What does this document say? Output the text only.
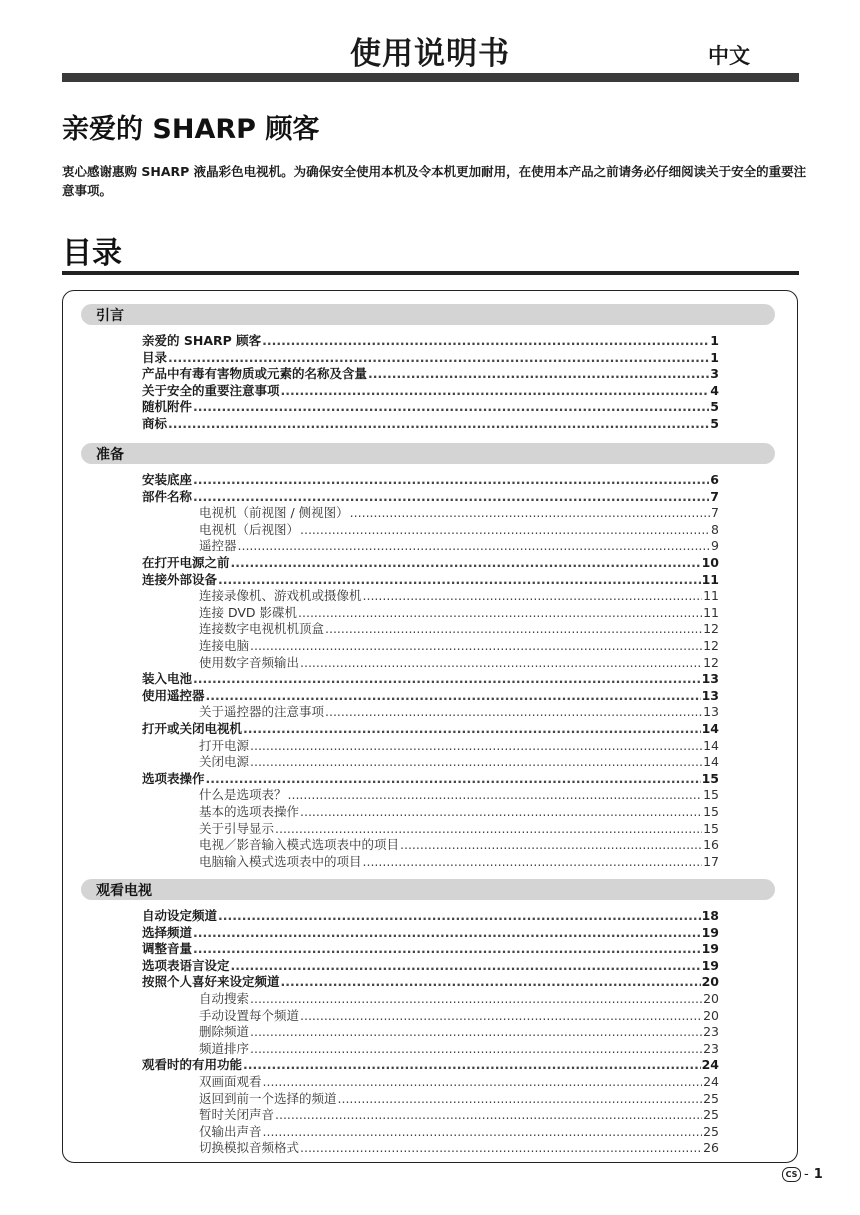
使用说明书	中文
亲爱的 SHARP 顾客

衷心感谢惠购 SHARP 液晶彩色电视机。为确保安全使用本机及令本机更加耐用，在使用本产品之前请务必仔细阅读关于安全的重要注意事项。

目录
引言
亲爱的 SHARP 顾客 .....	1
目录 .....	1
产品中有毒有害物质或元素的名称及含量 .....	3
关于安全的重要注意事项 .....	4
随机附件 .....	5
商标 .....	5
准备
安装底座 .....	6
部件名称 .....	7
电视机（前视图 / 侧视图） .....	7
电视机（后视图） .....	8
遥控器 .....	9
在打开电源之前 .....	10
连接外部设备 .....	11
连接录像机、游戏机或摄像机 .....	11
连接 DVD 影碟机 .....	11
连接数字电视机机顶盒 .....	12
连接电脑 .....	12
使用数字音频输出 .....	12
装入电池 .....	13
使用遥控器 .....	13
关于遥控器的注意事项 .....	13
打开或关闭电视机 .....	14
打开电源 .....	14
关闭电源 .....	14
选项表操作 .....	15
什么是选项表？ .....	15
基本的选项表操作 .....	15
关于引导显示 .....	15
电视／影音输入模式选项表中的项目 .....	16
电脑输入模式选项表中的项目 .....	17
观看电视
自动设定频道 .....	18
选择频道 .....	19
调整音量 .....	19
选项表语言设定 .....	19
按照个人喜好来设定频道 .....	20
自动搜索 .....	20
手动设置每个频道 .....	20
删除频道 .....	23
频道排序 .....	23
观看时的有用功能 .....	24
双画面观看 .....	24
返回到前一个选择的频道 .....	25
暂时关闭声音 .....	25
仅输出声音 .....	25
切换模拟音频格式 .....	26
CS - 1
